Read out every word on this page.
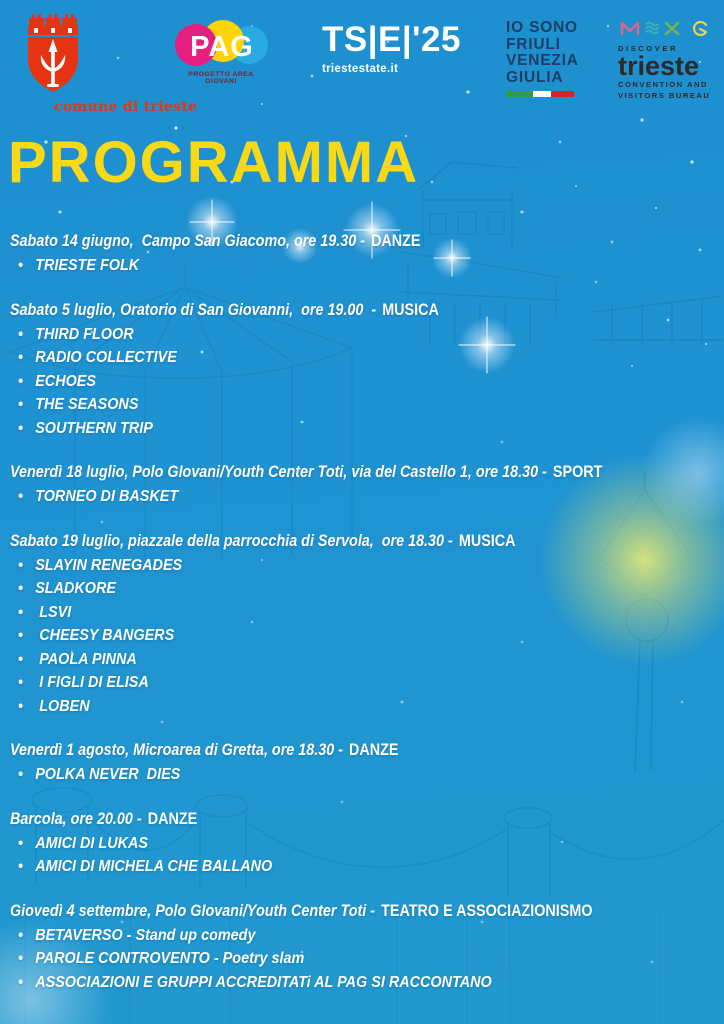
comune di trieste
PAG
PROGETTO AREA GIOVANI
TS|E|'25
triestestate.it
IO SONO
FRIULI
VENEZIA
GIULIA
DISCOVER
trieste
CONVENTION AND
VISITORS BUREAU
PROGRAMMA
Sabato 14 giugno,  Campo San Giacomo, ore 19.30 - DANZE
• TRIESTE FOLK
Sabato 5 luglio, Oratorio di San Giovanni,  ore 19.00  - MUSICA
• THIRD FLOOR
• RADIO COLLECTIVE
• ECHOES
• THE SEASONS
• SOUTHERN TRIP
Venerdì 18 luglio, Polo GIovani/Youth Center Toti, via del Castello 1, ore 18.30 - SPORT
• TORNEO DI BASKET
Sabato 19 luglio, piazzale della parrocchia di Servola,  ore 18.30 - MUSICA
• SLAYIN RENEGADES
• SLADKORE
•  LSVI
•  CHEESY BANGERS
•  PAOLA PINNA
•  I FIGLI DI ELISA
•  LOBEN
Venerdì 1 agosto, Microarea di Gretta, ore 18.30 - DANZE
• POLKA NEVER  DIES
Barcola, ore 20.00 - DANZE
• AMICI DI LUKAS
• AMICI DI MICHELA CHE BALLANO
Giovedì 4 settembre, Polo GIovani/Youth Center Toti - TEATRO E ASSOCIAZIONISMO
• BETAVERSO - Stand up comedy
• PAROLE CONTROVENTO - Poetry slam
• ASSOCIAZIONI E GRUPPI ACCREDITATi AL PAG SI RACCONTANO
